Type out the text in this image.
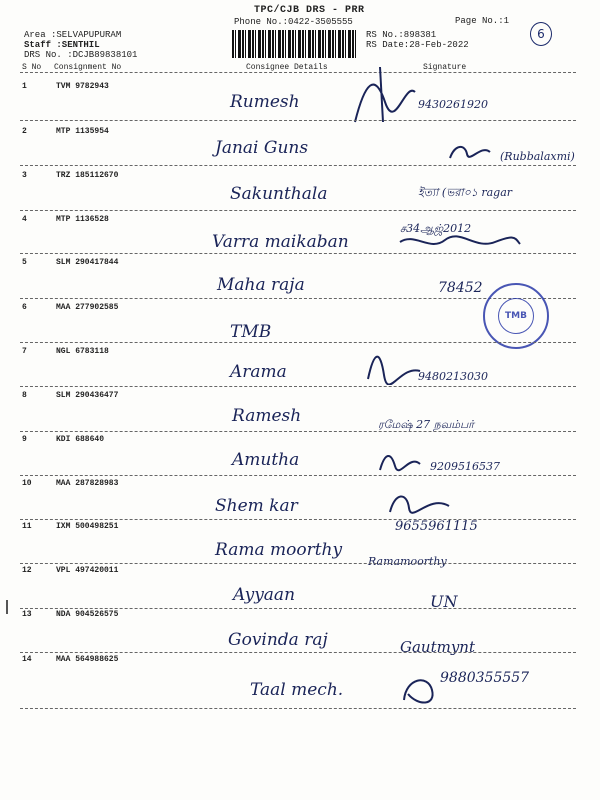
TPC/CJB DRS - PRR
Phone No.:0422-3505555	Page No.:1
6
Area :SELVAPUPURAM
Staff :SENTHIL
DRS No. :DCJB89838101
RS No.:898381
RS Date:28-Feb-2022
S No Consignment No	Consignee Details	Signature
1	TVM 9782943
Rumesh	9430261920
2	MTP 1135954
Janai Guns	(Rubbalaxmi)
3	TRZ 185112670
Sakunthala	ইত্যা (ভরা০১ ragar
4	MTP 1136528
Varra maikaban
ச34ஆஜ்2012
5	SLM 290417844
Maha raja	78452
6	MAA 277902585
TMB
TMB
7	NGL 6783118
Arama	9480213030
8	SLM 290436477
Ramesh	ரமேஷ் 27 நவம்பர்
9	KDI 688640
Amutha	9209516537
10	MAA 287828983
Shem kar
9655961115
11	IXM 500498251
Rama moorthy
Ramamoorthy
12	VPL 497420011
Ayyaan	UN
13	NDA 904526575
Govinda raj	Gautmynt
14	MAA 564988625
Taal mech.
9880355557
